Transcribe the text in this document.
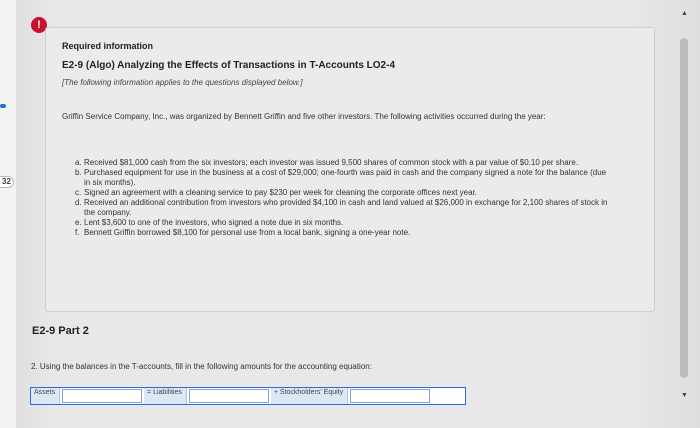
32
!
Required information
E2-9 (Algo) Analyzing the Effects of Transactions in T-Accounts LO2-4
[The following information applies to the questions displayed below.]
Griffin Service Company, Inc., was organized by Bennett Griffin and five other investors. The following activities occurred during the year:
a. Received $81,000 cash from the six investors; each investor was issued 9,500 shares of common stock with a par value of $0.10 per share.
b. Purchased equipment for use in the business at a cost of $29,000; one-fourth was paid in cash and the company signed a note for the balance (due in six months).
c. Signed an agreement with a cleaning service to pay $230 per week for cleaning the corporate offices next year.
d. Received an additional contribution from investors who provided $4,100 in cash and land valued at $26,000 in exchange for 2,100 shares of stock in the company.
e. Lent $3,600 to one of the investors, who signed a note due in six months.
f. Bennett Griffin borrowed $8,100 for personal use from a local bank, signing a one-year note.
E2-9 Part 2
2. Using the balances in the T-accounts, fill in the following amounts for the accounting equation:
Assets	= Liabilities	+ Stockholders' Equity
▲
▼
